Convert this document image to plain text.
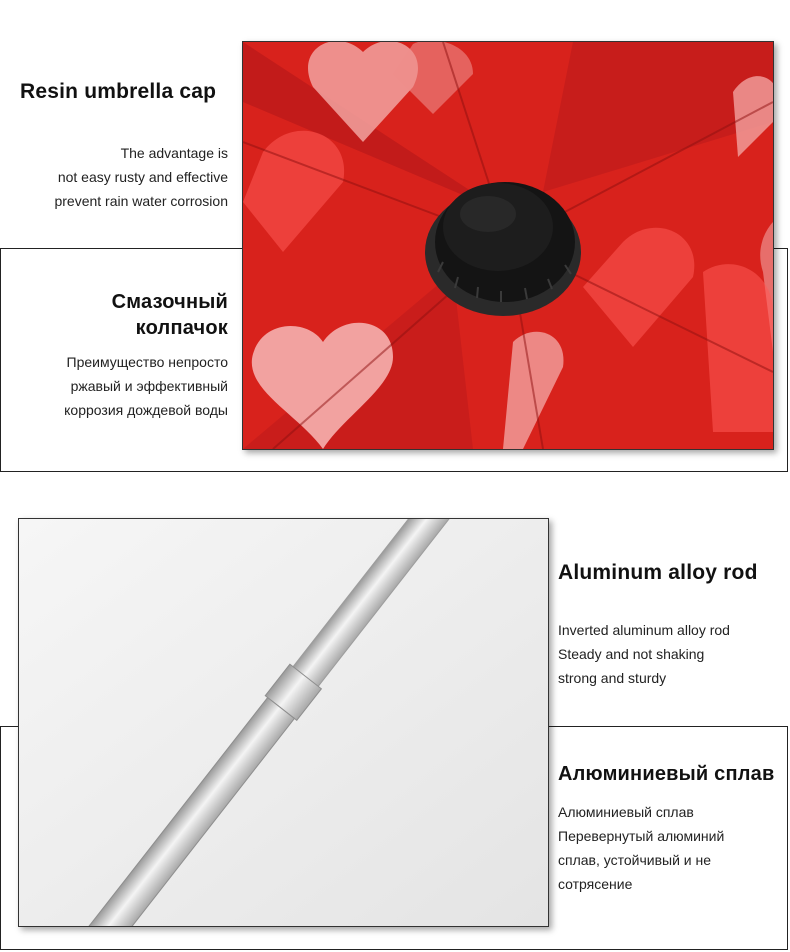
Resin umbrella cap
The advantage is
not easy rusty and effective
prevent rain water corrosion
Смазочный
колпачок
Преимущество непросто
ржавый и эффективный
коррозия дождевой воды
Aluminum alloy rod
Inverted aluminum alloy rod
Steady and not shaking
strong and sturdy
Алюминиевый сплав
Алюминиевый сплав
Перевернутый алюминий
сплав, устойчивый и не
сотрясение
